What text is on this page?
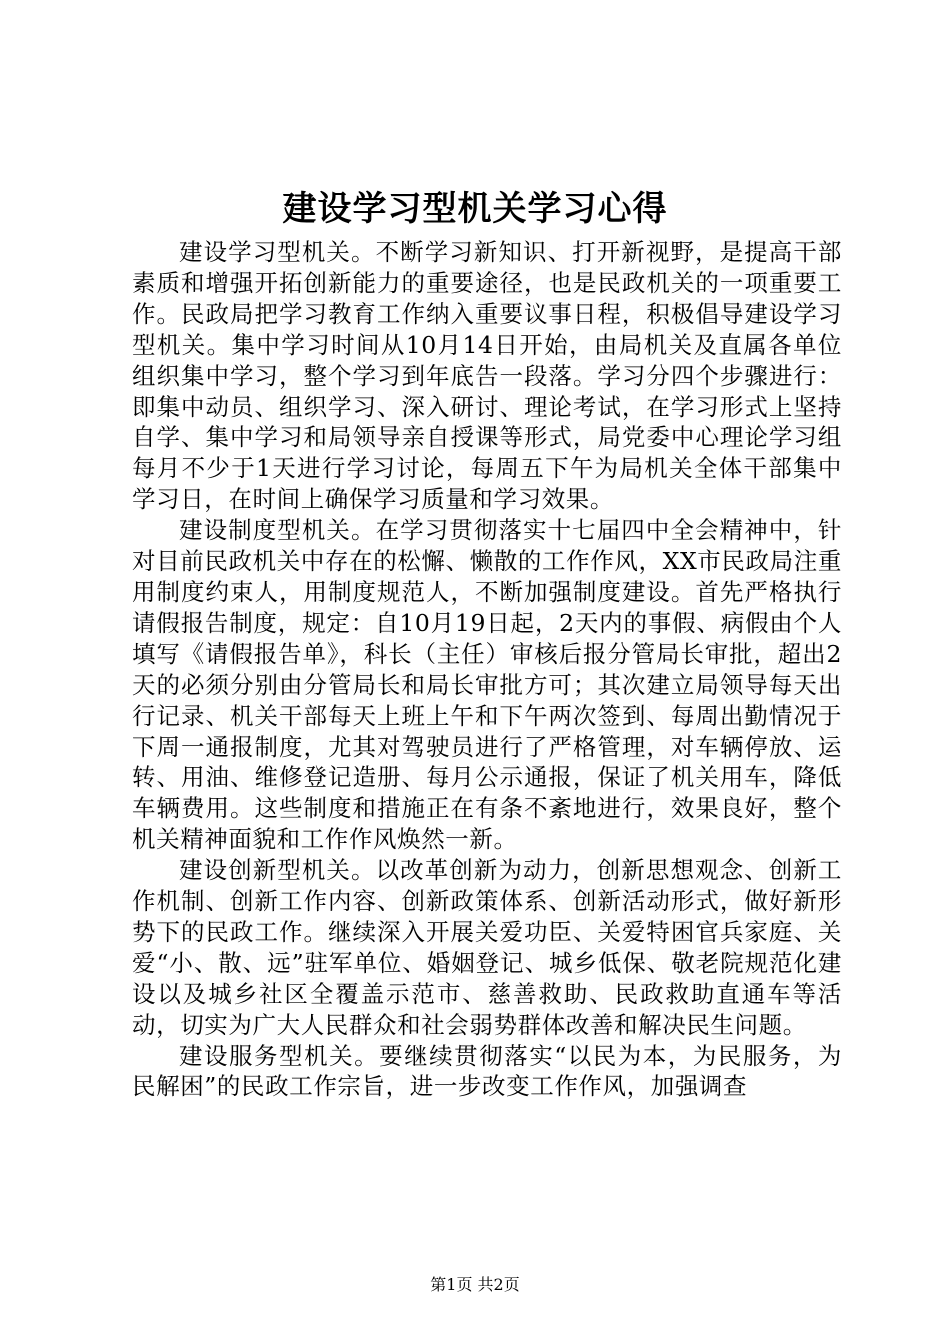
建设学习型机关学习心得

建设学习型机关。不断学习新知识、打开新视野，是提高干部素质和增强开拓创新能力的重要途径，也是民政机关的一项重要工作。民政局把学习教育工作纳入重要议事日程，积极倡导建设学习型机关。集中学习时间从10月14日开始，由局机关及直属各单位组织集中学习，整个学习到年底告一段落。学习分四个步骤进行：即集中动员、组织学习、深入研讨、理论考试，在学习形式上坚持自学、集中学习和局领导亲自授课等形式，局党委中心理论学习组每月不少于1天进行学习讨论，每周五下午为局机关全体干部集中学习日，在时间上确保学习质量和学习效果。

建设制度型机关。在学习贯彻落实十七届四中全会精神中，针对目前民政机关中存在的松懈、懒散的工作作风，XX市民政局注重用制度约束人，用制度规范人，不断加强制度建设。首先严格执行请假报告制度，规定：自10月19日起，2天内的事假、病假由个人填写《请假报告单》，科长（主任）审核后报分管局长审批，超出2天的必须分别由分管局长和局长审批方可；其次建立局领导每天出行记录、机关干部每天上班上午和下午两次签到、每周出勤情况于下周一通报制度，尤其对驾驶员进行了严格管理，对车辆停放、运转、用油、维修登记造册、每月公示通报，保证了机关用车，降低车辆费用。这些制度和措施正在有条不紊地进行，效果良好，整个机关精神面貌和工作作风焕然一新。

建设创新型机关。以改革创新为动力，创新思想观念、创新工作机制、创新工作内容、创新政策体系、创新活动形式，做好新形势下的民政工作。继续深入开展关爱功臣、关爱特困官兵家庭、关爱“小、散、远”驻军单位、婚姻登记、城乡低保、敬老院规范化建设以及城乡社区全覆盖示范市、慈善救助、民政救助直通车等活动，切实为广大人民群众和社会弱势群体改善和解决民生问题。

建设服务型机关。要继续贯彻落实“以民为本，为民服务，为民解困”的民政工作宗旨，进一步改变工作作风，加强调查

第1页 共2页
